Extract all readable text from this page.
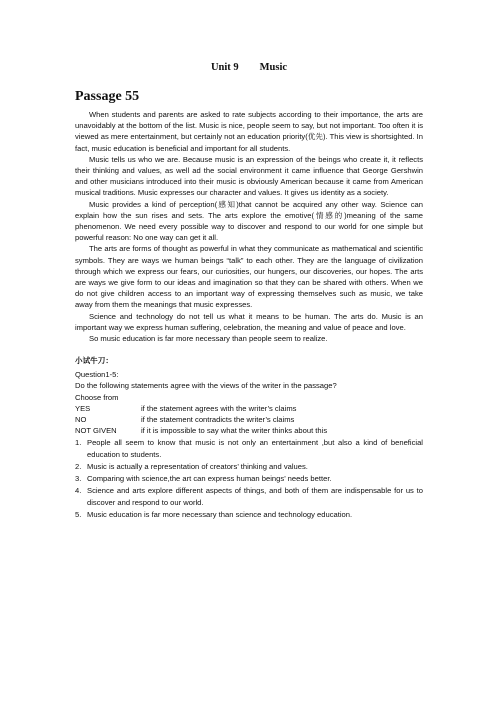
Unit 9        Music
Passage 55

When students and parents are asked to rate subjects according to their importance, the arts are unavoidably at the bottom of the list. Music is nice, people seem to say, but not important. Too often it is viewed as mere entertainment, but certainly not an education priority(优先). This view is shortsighted. In fact, music education is beneficial and important for all students.

Music tells us who we are. Because music is an expression of the beings who create it, it reflects their thinking and values, as well ad the social environment it came influence that George Gershwin and other musicians introduced into their music is obviously American because it came from American musical traditions. Music expresses our character and values. It gives us identity as a society.

Music provides a kind of perception(感知)that cannot be acquired any other way. Science can explain how the sun rises and sets. The arts explore the emotive(情感的)meaning of the same phenomenon. We need every possible way to discover and respond to our world for one simple but powerful reason: No one way can get it all.

The arts are forms of thought as powerful in what they communicate as mathematical and scientific symbols. They are ways we human beings “talk” to each other. They are the language of civilization through which we express our fears, our curiosities, our hungers, our discoveries, our hopes. The arts are ways we give form to our ideas and imagination so that they can be shared with others. When we do not give children access to an important way of expressing themselves such as music, we take away from them the meanings that music expresses.

Science and technology do not tell us what it means to be human. The arts do. Music is an important way we express human suffering, celebration, the meaning and value of peace and love.

So music education is far more necessary than people seem to realize.

小试牛刀：

Question1-5:

Do the following statements agree with the views of the writer in the passage?

Choose from

YES	if the statement agrees with the writer’s claims
NO	if the statement contradicts the writer’s claims
NOT GIVEN	if it is impossible to say what the writer thinks about this
1. People all seem to know that music is not only an entertainment ,but also a kind of beneficial education to students.
2. Music is actually a representation of creators’ thinking and values.
3. Comparing with science,the art can express human beings’ needs better.
4. Science and arts explore different aspects of things, and both of them are indispensable for us to discover and respond to our world.
5. Music education is far more necessary than science and technology education.
